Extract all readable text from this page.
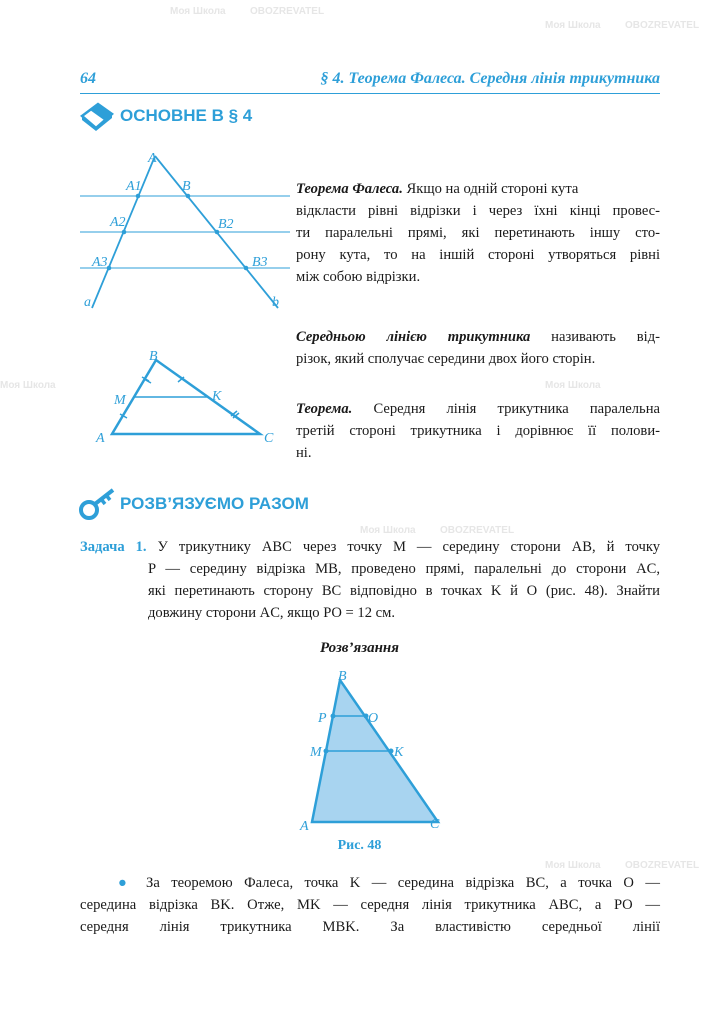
Моя Школа OBOZREVATEL
Моя Школа OBOZREVATEL
Моя Школа	Моя Школа
Моя Школа OBOZREVATEL
Моя Школа OBOZREVATEL
64	§ 4. Теорема Фалеса. Середня лінія трикутника
ОСНОВНЕ В § 4
A
A1	B
A2	B2
A3	B3
a	b
Теорема Фалеса. Якщо на одній стороні кута
відкласти рівні відрізки і через їхні кінці провес-
ти паралельні прямі, які перетинають іншу сто-
рону кута, то на іншій стороні утворяться рівні
між собою відрізки.
B
M	K
A	C
Середньою лінією трикутника називають від-
різок, який сполучає середини двох його сторін.
Теорема. Середня лінія трикутника паралельна
третій стороні трикутника і дорівнює її полови-
ні.
РОЗВ’ЯЗУЄМО РАЗОМ
Задача 1. У трикутнику ABC через точку M — середину сторони AB, й точку
P — середину відрізка MB, проведено прямі, паралельні до сторони AC,
які перетинають сторону BC відповідно в точках K й O (рис. 48). Знайти
довжину сторони AC, якщо PO = 12 см.
Розв’язання
B
P	O
M	K
A	C
Рис. 48
● За теоремою Фалеса, точка K — середина відрізка BC, а точка O —
середина відрізка BK. Отже, MK — середня лінія трикутника ABC, а PO —
середня лінія трикутника MBK. За властивістю середньої лінії
